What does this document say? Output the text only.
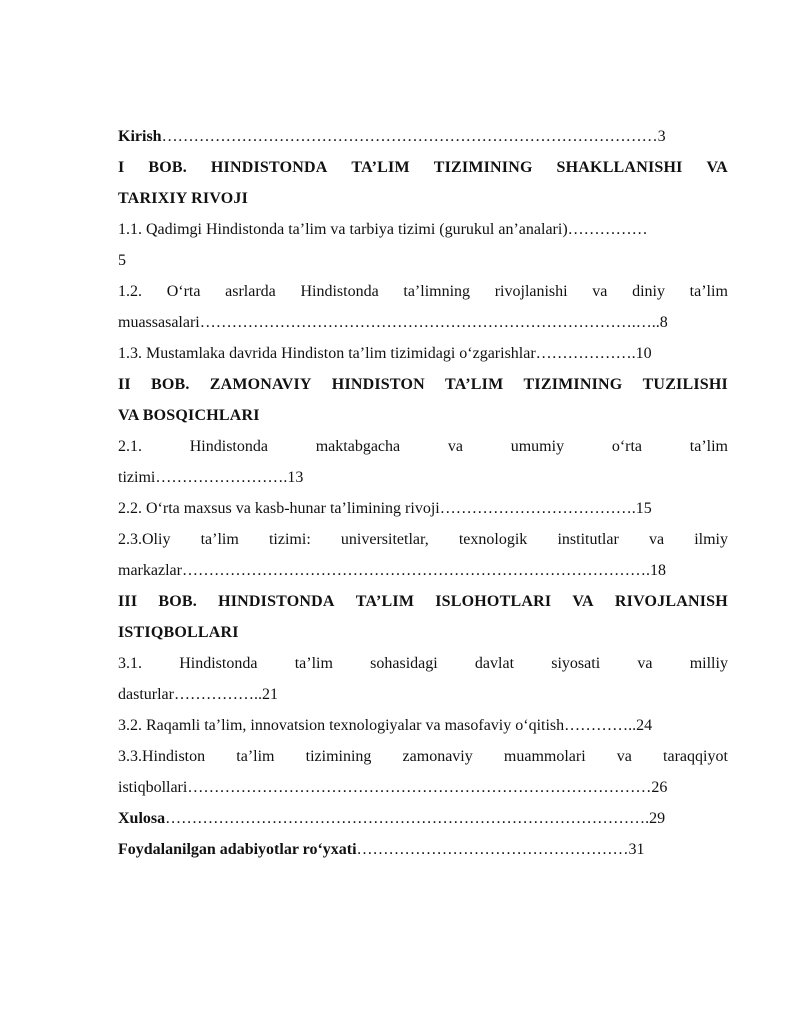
Kirish…………………………………………………………………………………3
I BOB. HINDISTONDA TA’LIM TIZIMINING SHAKLLANISHI VA
TARIXIY RIVOJI
1.1. Qadimgi Hindistonda ta’lim va tarbiya tizimi (gurukul an’analari)……………
5
1.2. O‘rta asrlarda Hindistonda ta’limning rivojlanishi va diniy ta’lim
muassasalari……………………………………………………………………….…..8
1.3. Mustamlaka davrida Hindiston ta’lim tizimidagi o‘zgarishlar……………….10
II BOB. ZAMONAVIY HINDISTON TA’LIM TIZIMINING TUZILISHI
VA BOSQICHLARI
2.1.	Hindistonda	maktabgacha	va	umumiy	o‘rta	ta’lim
tizimi…………………….13
2.2. O‘rta maxsus va kasb-hunar ta’limining rivoji……………………………….15
2.3.Oliy ta’lim tizimi: universitetlar, texnologik institutlar va ilmiy
markazlar…………………………………………………………………………….18
III BOB. HINDISTONDA TA’LIM ISLOHOTLARI VA RIVOJLANISH
ISTIQBOLLARI
3.1. Hindistonda ta’lim sohasidagi davlat siyosati va milliy
dasturlar……………..21
3.2. Raqamli ta’lim, innovatsion texnologiyalar va masofaviy o‘qitish…………..24
3.3.Hindiston ta’lim tizimining zamonaviy muammolari va taraqqiyot
istiqbollari……………………………………………………………………………26
Xulosa……………………………………………………………………………….29
Foydalanilgan adabiyotlar ro‘yxati……………………………………………31
